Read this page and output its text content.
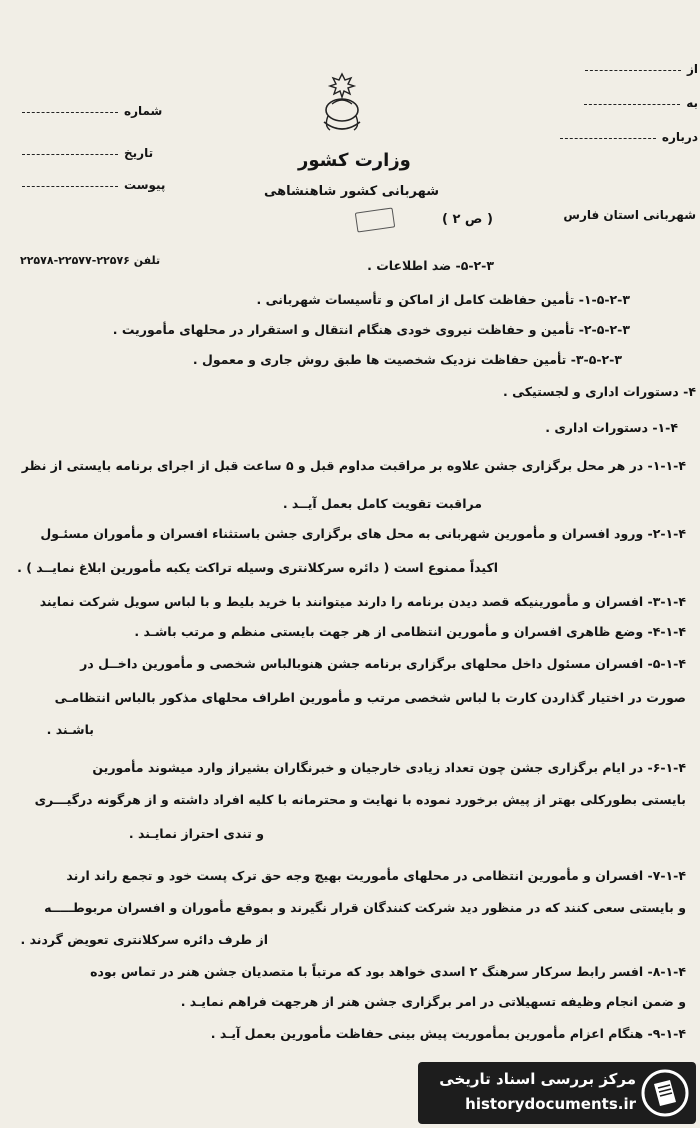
شماره
تاريخ
پیوست
از
به
درباره
وزارت کشور
شهربانی کشور شاهنشاهی
شهربانی استان فارس
( ص ۲ )
تلفن ۲۲۵۷۶-۲۲۵۷۷-۲۲۵۷۸	۵-۲-۳- ضد اطلاعات .
۱-۵-۲-۳- تأمین حفاظت کامل از اماکن و تأسیسات شهربانی .
۲-۵-۲-۳- تأمین و حفاظت نیروی خودی هنگام انتقال و استقرار در محلهای مأموریت .
۳-۵-۲-۳- تأمین حفاظت نزدیک شخصیت ها طبق روش جاری و معمول .
۴- دستورات اداری و لجستیکی .
۱-۴- دستورات اداری .
۱-۱-۴- در هر محل برگزاری جشن علاوه بر مراقبت مداوم قبل و ۵ ساعت قبل از اجرای برنامه بایستی از نظر
مراقبت تقویت کامل بعمل آیــد .
۲-۱-۴- ورود افسران و مأمورین شهربانی به محل های برگزاری جشن باستثناء افسران و مأموران مسئـول
اکیداً ممنوع است ( دائره سرکلانتری وسیله تراکت یکبه مأمورین ابلاغ نمایــد ) .
۳-۱-۴- افسران و مأمورینیکه قصد دیدن برنامه را دارند میتوانند با خرید بلیط و با لباس سویل شرکت نمایند
۴-۱-۴- وضع ظاهری افسران و مأمورین انتظامی از هر جهت بایستی منظم و مرتب باشـد .
۵-۱-۴- افسران مسئول داخل محلهای برگزاری برنامه جشن هنوبالباس شخصی و مأمورین داخــل در
صورت در اختیار گذاردن کارت با لباس شخصی مرتب و مأمورین اطراف محلهای مذکور بالباس انتظامـی
باشـند .
۶-۱-۴- در ایام برگزاری جشن چون تعداد زیادی خارجیان و خبرنگاران بشیراز وارد میشوند مأمورین
بایستی بطورکلی بهتر از پیش برخورد نموده با نهایت و محترمانه با کلیه افراد داشته و از هرگونه درگیـــری
و تندی احتراز نمایـند .
۷-۱-۴- افسران و مأمورین انتظامی در محلهای مأموریت بهیچ وجه حق ترک پست خود و تجمع راند ارند
و بایستی سعی کنند که در منظور دید شرکت کنندگان قرار نگیرند و بموقع مأموران و افسران مربوطـــــه
از طرف دائره سرکلانتری تعویض گردند .
۸-۱-۴- افسر رابط سرکار سرهنگ ۲ اسدی خواهد بود که مرتباً با متصدیان جشن هنر در تماس بوده
و ضمن انجام وظیفه تسهیلاتی در امر برگزاری جشن هنر از هرجهت فراهم نمایـد .
۹-۱-۴- هنگام اعزام مأمورین بمأموریت پیش بینی حفاظت مأمورین بعمل آیـد .
مرکز بررسی اسناد تاریخی
historydocuments.ir
